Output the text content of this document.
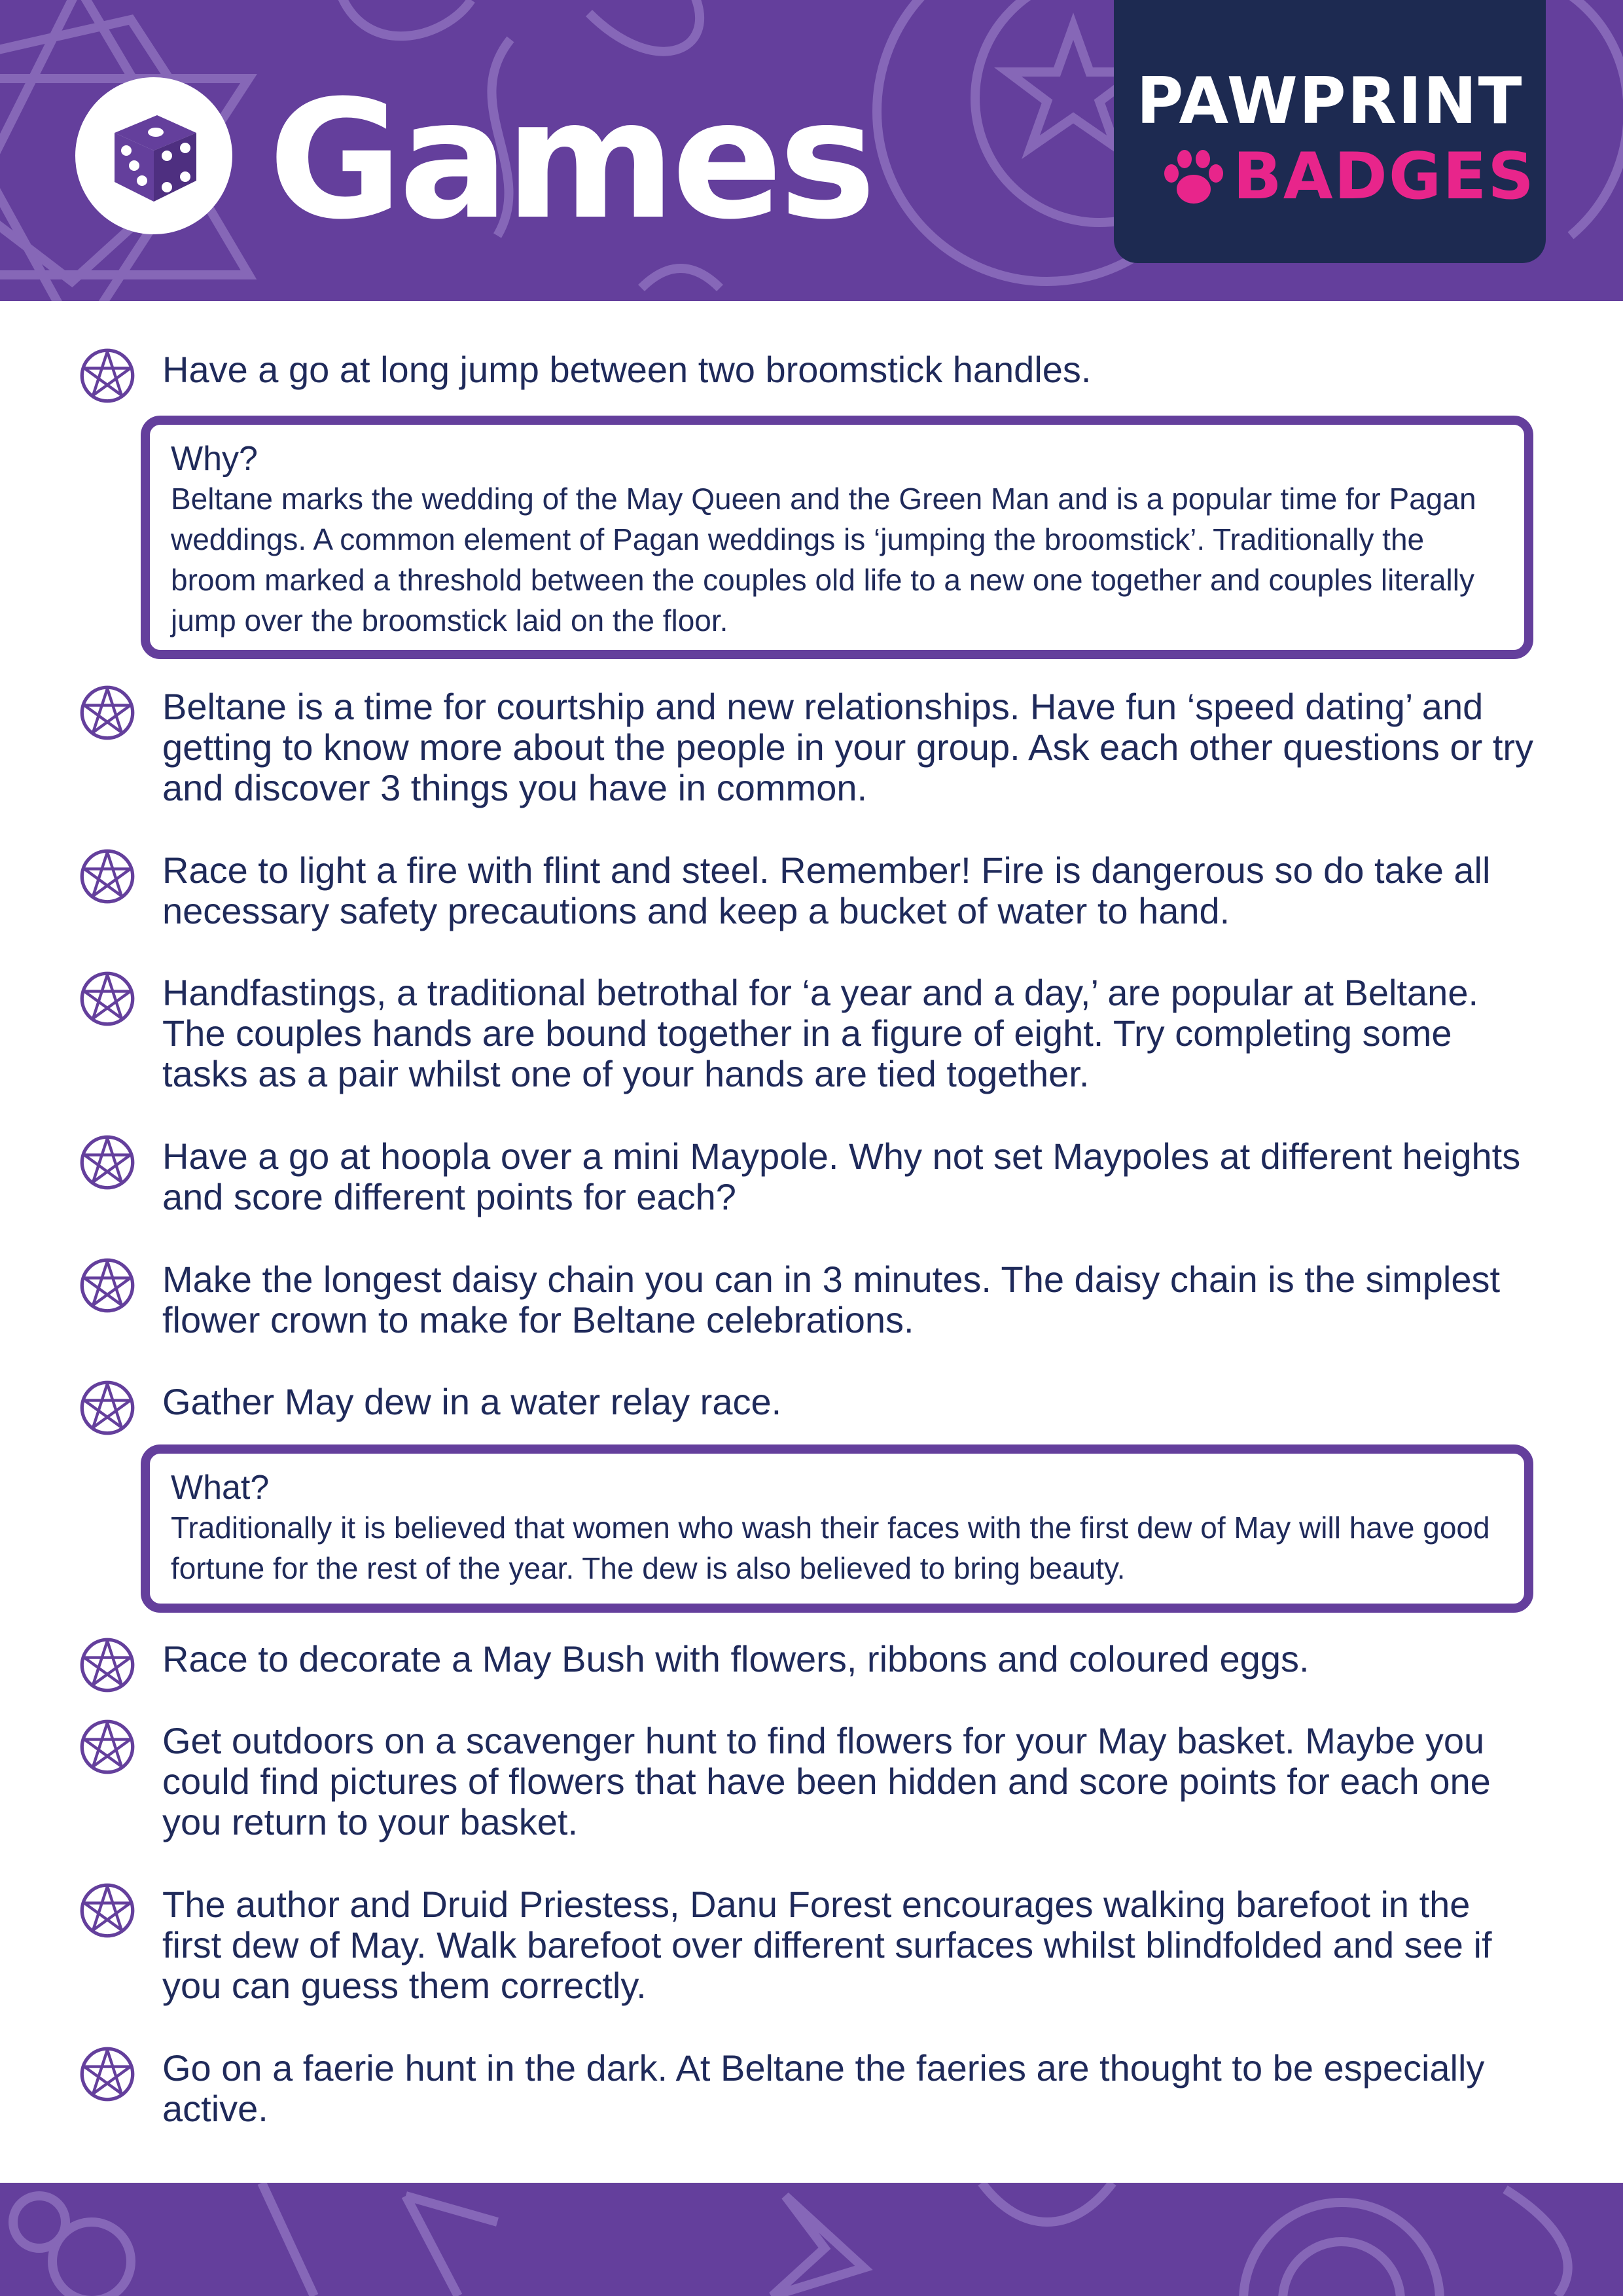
Games	PAWPRINT
BADGES
Have a go at long jump between two broomstick handles.
Why?
Beltane marks the wedding of the May Queen and the Green Man and is a popular time for Pagan weddings. A common element of Pagan weddings is ‘jumping the broomstick’. Traditionally the broom marked a threshold between the couples old life to a new one together and couples literally jump over the broomstick laid on the floor.
Beltane is a time for courtship and new relationships. Have fun ‘speed dating’ and getting to know more about the people in your group. Ask each other questions or try and discover 3 things you have in common.
Race to light a fire with flint and steel. Remember! Fire is dangerous so do take all necessary safety precautions and keep a bucket of water to hand.
Handfastings, a traditional betrothal for ‘a year and a day,’ are popular at Beltane. The couples hands are bound together in a figure of eight. Try completing some tasks as a pair whilst one of your hands are tied together.
Have a go at hoopla over a mini Maypole. Why not set Maypoles at different heights and score different points for each?
Make the longest daisy chain you can in 3 minutes. The daisy chain is the simplest flower crown to make for Beltane celebrations.
Gather May dew in a water relay race.
What?
Traditionally it is believed that women who wash their faces with the first dew of May will have good fortune for the rest of the year. The dew is also believed to bring beauty.
Race to decorate a May Bush with flowers, ribbons and coloured eggs.
Get outdoors on a scavenger hunt to find flowers for your May basket. Maybe you could find pictures of flowers that have been hidden and score points for each one you return to your basket.
The author and Druid Priestess, Danu Forest encourages walking barefoot in the first dew of May. Walk barefoot over different surfaces whilst blindfolded and see if you can guess them correctly.
Go on a faerie hunt in the dark. At Beltane the faeries are thought to be especially active.
